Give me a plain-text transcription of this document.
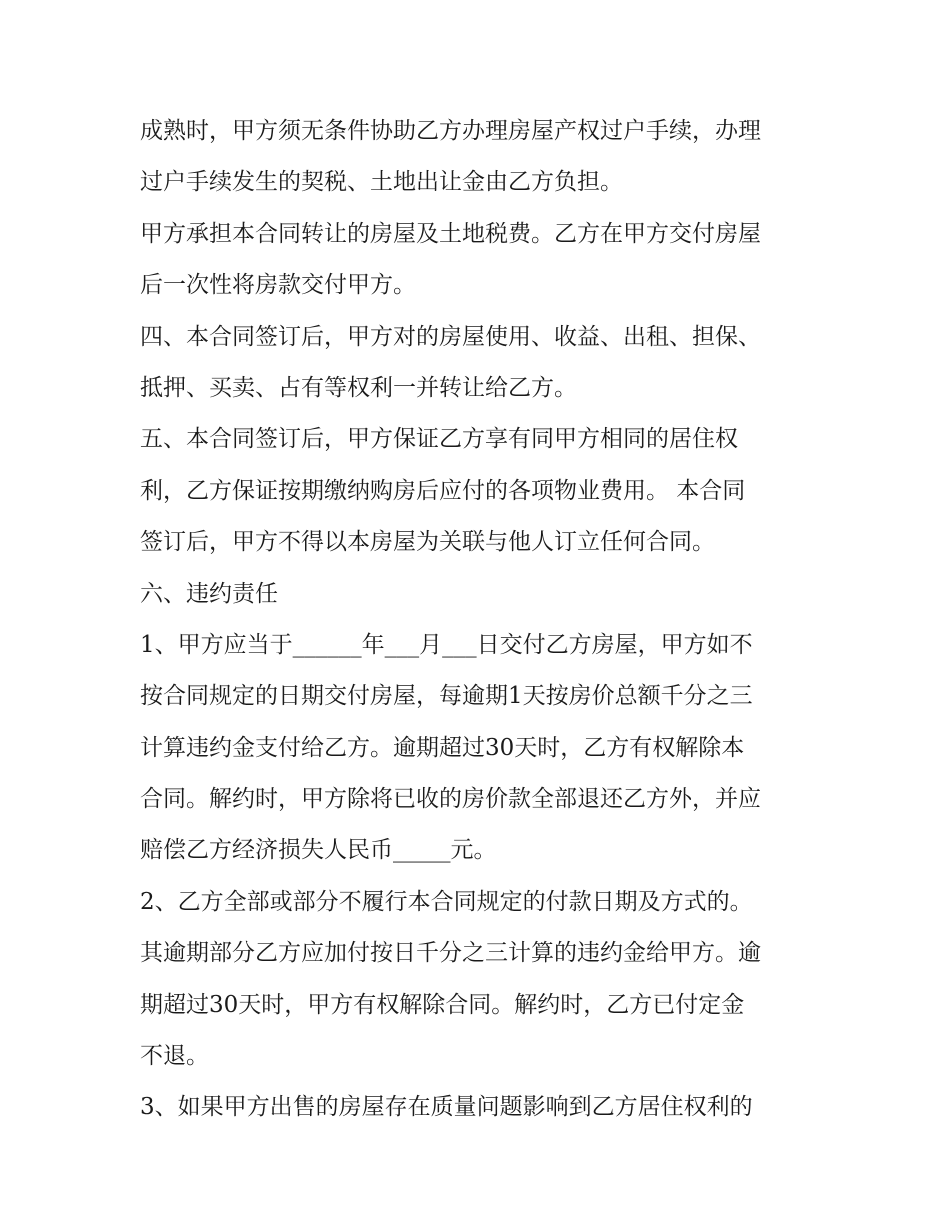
成熟时，甲方须无条件协助乙方办理房屋产权过户手续，办理
过户手续发生的契税、土地出让金由乙方负担。
甲方承担本合同转让的房屋及土地税费。乙方在甲方交付房屋
后一次性将房款交付甲方。
四、本合同签订后，甲方对的房屋使用、收益、出租、担保、
抵押、买卖、占有等权利一并转让给乙方。
五、本合同签订后，甲方保证乙方享有同甲方相同的居住权
利，乙方保证按期缴纳购房后应付的各项物业费用。 本合同
签订后，甲方不得以本房屋为关联与他人订立任何合同。
六、违约责任
1、甲方应当于______年___月___日交付乙方房屋，甲方如不
按合同规定的日期交付房屋，每逾期1天按房价总额千分之三
计算违约金支付给乙方。逾期超过30天时，乙方有权解除本
合同。解约时，甲方除将已收的房价款全部退还乙方外，并应
赔偿乙方经济损失人民币_____元。
2、乙方全部或部分不履行本合同规定的付款日期及方式的。
其逾期部分乙方应加付按日千分之三计算的违约金给甲方。逾
期超过30天时，甲方有权解除合同。解约时，乙方已付定金
不退。
3、如果甲方出售的房屋存在质量问题影响到乙方居住权利的
